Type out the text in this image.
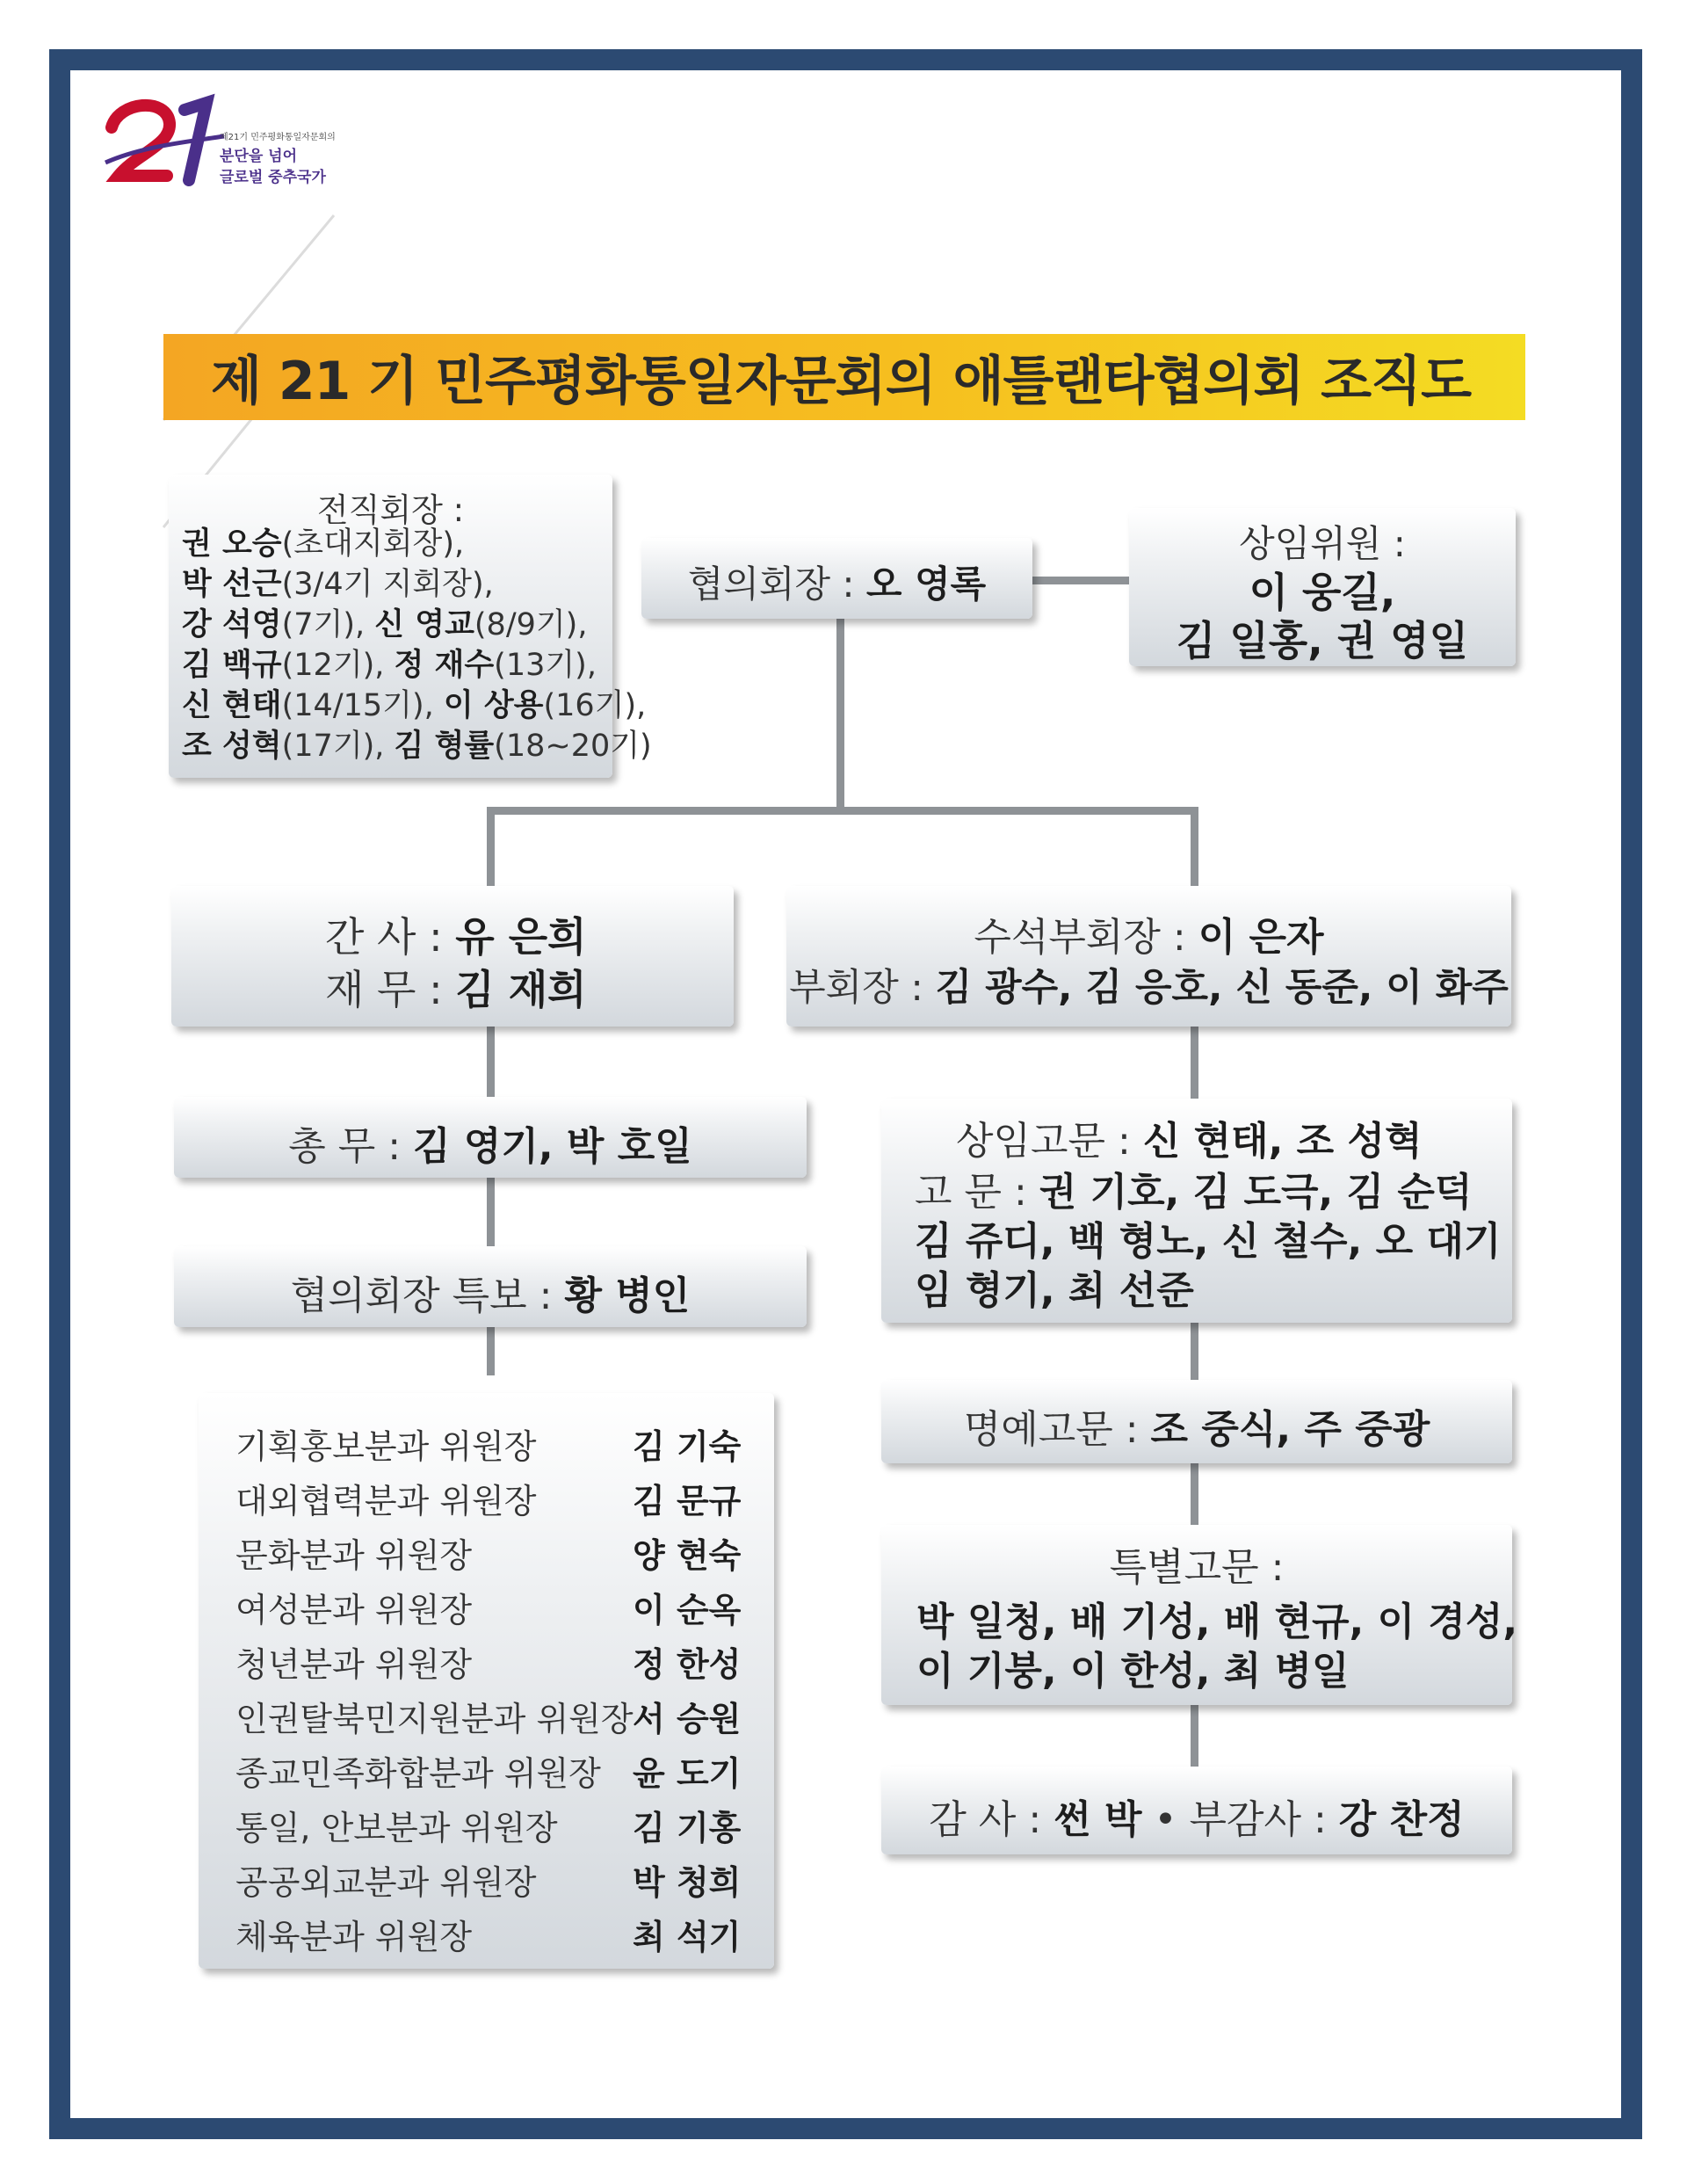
제21기 민주평화통일자문회의
분단을 넘어
글로벌 중추국가
제 21 기 민주평화통일자문회의 애틀랜타협의회 조직도
전직회장 :
권 오승(초대지회장),
박 선근(3/4기 지회장),
강 석영(7기), 신 영교(8/9기),
김 백규(12기), 정 재수(13기),
신 현태(14/15기), 이 상용(16기),
조 성혁(17기), 김 형률(18~20기)
협의회장 : 오 영록
상임위원 :
이 웅길,
김 일홍, 권 영일
간 사 : 유 은희
재 무 : 김 재희
수석부회장 : 이 은자
부회장 : 김 광수, 김 응호, 신 동준, 이 화주
총 무 : 김 영기, 박 호일
협의회장 특보 : 황 병인
상임고문 : 신 현태, 조 성혁
고 문 : 권 기호, 김 도극, 김 순덕
김 쥬디, 백 형노, 신 철수, 오 대기
임 형기, 최 선준
명예고문 : 조 중식, 주 중광
특별고문 :
박 일청, 배 기성, 배 현규, 이 경성,
이 기붕, 이 한성, 최 병일
감 사 : 썬 박 • 부감사 : 강 찬정
기획홍보분과 위원장	김 기숙
대외협력분과 위원장	김 문규
문화분과 위원장	양 현숙
여성분과 위원장	이 순옥
청년분과 위원장	정 한성
인권탈북민지원분과 위원장 서 승원
종교민족화합분과 위원장 윤 도기
통일, 안보분과 위원장 김 기홍
공공외교분과 위원장	박 청희
체육분과 위원장	최 석기
